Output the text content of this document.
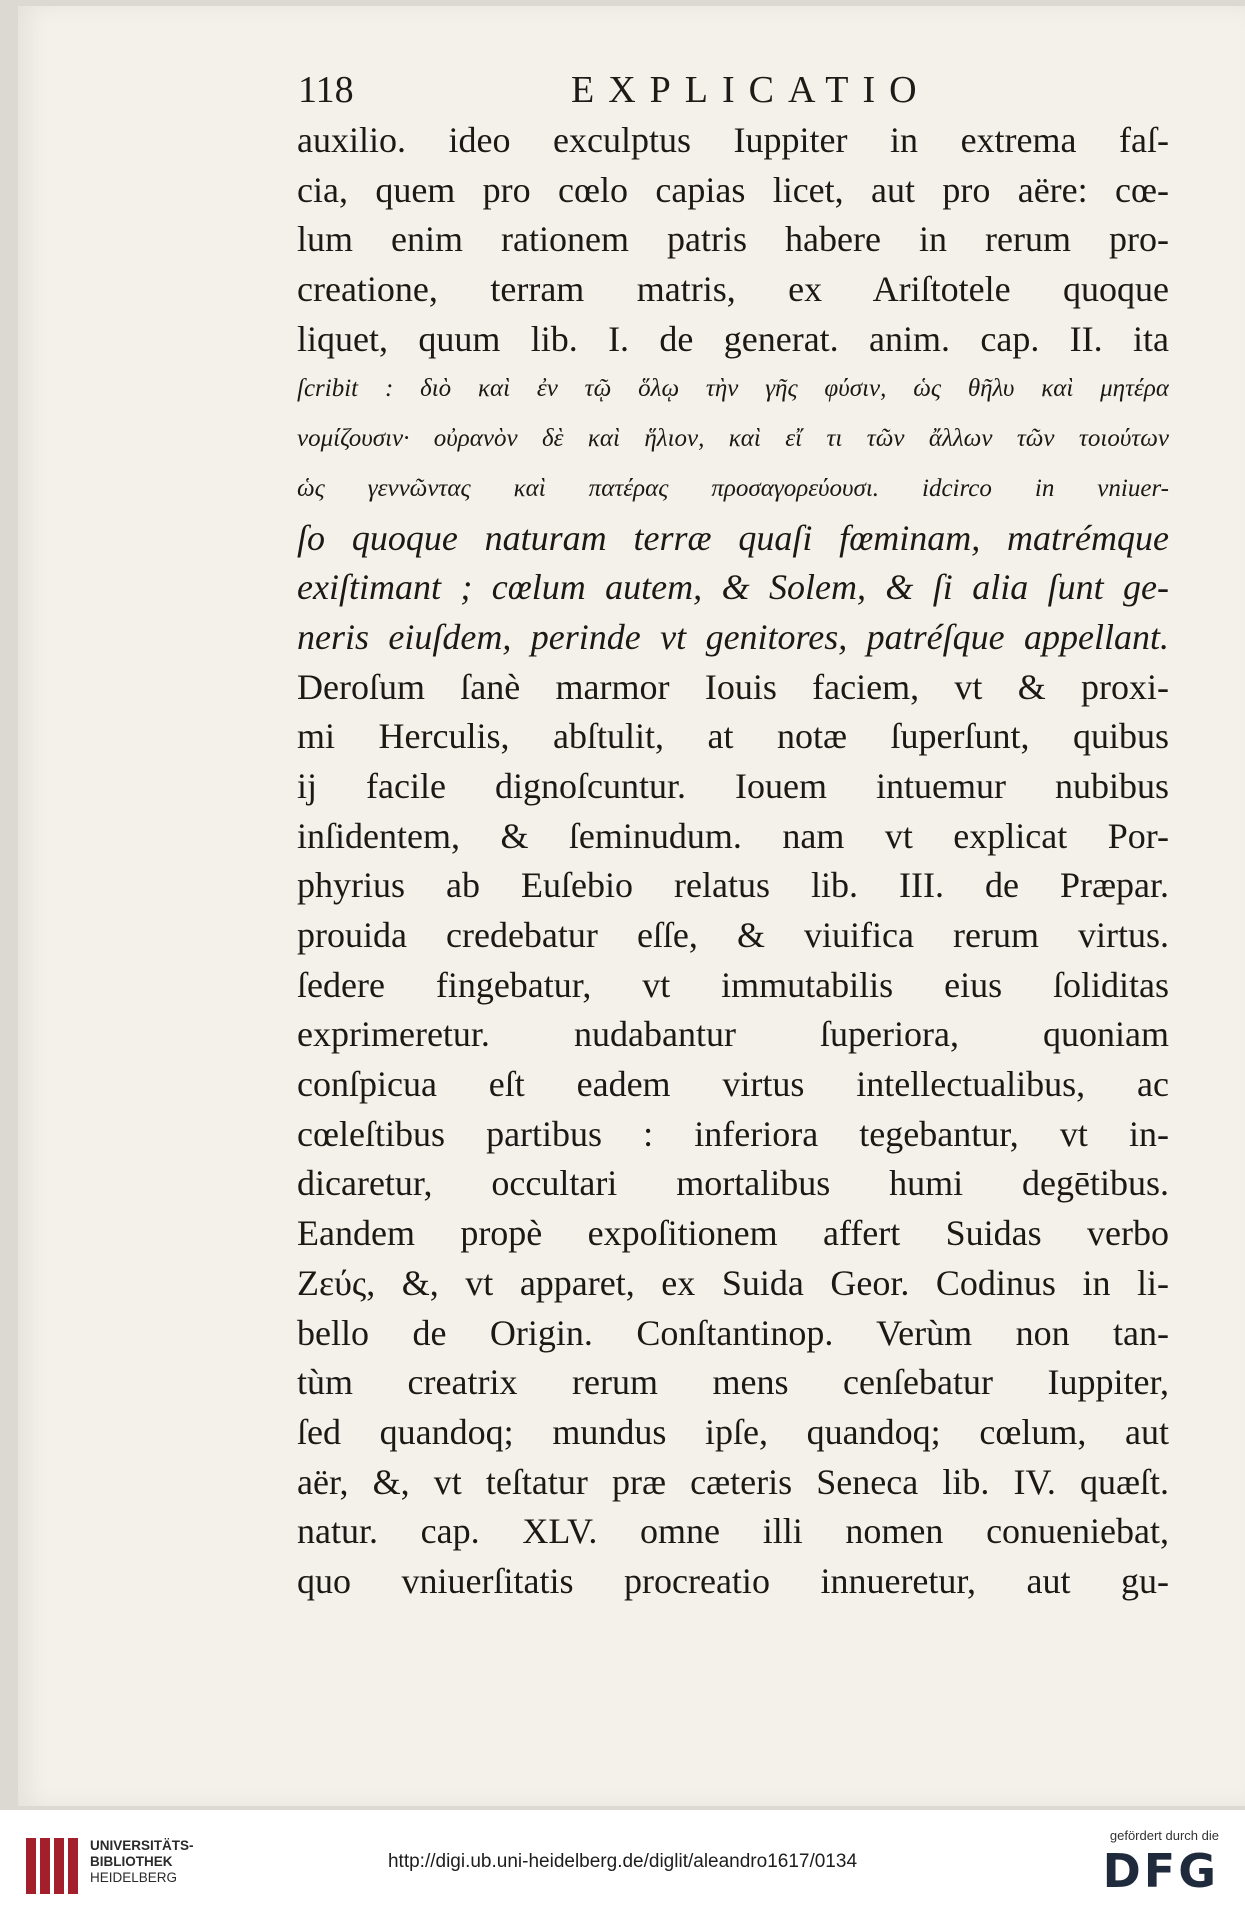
118	EXPLICATIO
auxilio. ideo exculptus Iuppiter in extrema faſ-
cia, quem pro cœlo capias licet, aut pro aëre: cœ-
lum enim rationem patris habere in rerum pro-
creatione, terram matris, ex Ariſtotele quoque
liquet, quum lib. I. de generat. anim. cap. II. ita
ſcribit : διὸ καὶ ἐν τῷ ὅλῳ τὴν γῆς φύσιν, ὡς θῆλυ καὶ μητέρα
νομίζουσιν· οὐρανὸν δὲ καὶ ἥλιον, καὶ εἴ τι τῶν ἄλλων τῶν τοιούτων
ὡς γεννῶντας καὶ πατέρας προσαγορεύουσι. idcirco in vniuer-
ſo quoque naturam terræ quaſi fœminam, matrémque
exiſtimant ; cœlum autem, & Solem, & ſi alia ſunt ge-
neris eiuſdem, perinde vt genitores, patréſque appellant.
Deroſum ſanè marmor Iouis faciem, vt & proxi-
mi Herculis, abſtulit, at notæ ſuperſunt, quibus
ij facile dignoſcuntur. Iouem intuemur nubibus
inſidentem, & ſeminudum. nam vt explicat Por-
phyrius ab Euſebio relatus lib. III. de Præpar.
prouida credebatur eſſe, & viuifica rerum virtus.
ſedere fingebatur, vt immutabilis eius ſoliditas
exprimeretur. nudabantur ſuperiora, quoniam
conſpicua eſt eadem virtus intellectualibus, ac
cœleſtibus partibus : inferiora tegebantur, vt in-
dicaretur, occultari mortalibus humi degētibus.
Eandem propè expoſitionem affert Suidas verbo
Ζεύς, &, vt apparet, ex Suida Geor. Codinus in li-
bello de Origin. Conſtantinop. Verùm non tan-
tùm creatrix rerum mens cenſebatur Iuppiter,
ſed quandoq; mundus ipſe, quandoq; cœlum, aut
aër, &, vt teſtatur præ cæteris Seneca lib. IV. quæſt.
natur. cap. XLV. omne illi nomen conueniebat,
quo vniuerſitatis procreatio innueretur, aut gu-
UNIVERSITÄTS-
BIBLIOTHEK
HEIDELBERG
gefördert durch die
DFG
http://digi.ub.uni-heidelberg.de/diglit/aleandro1617/0134
